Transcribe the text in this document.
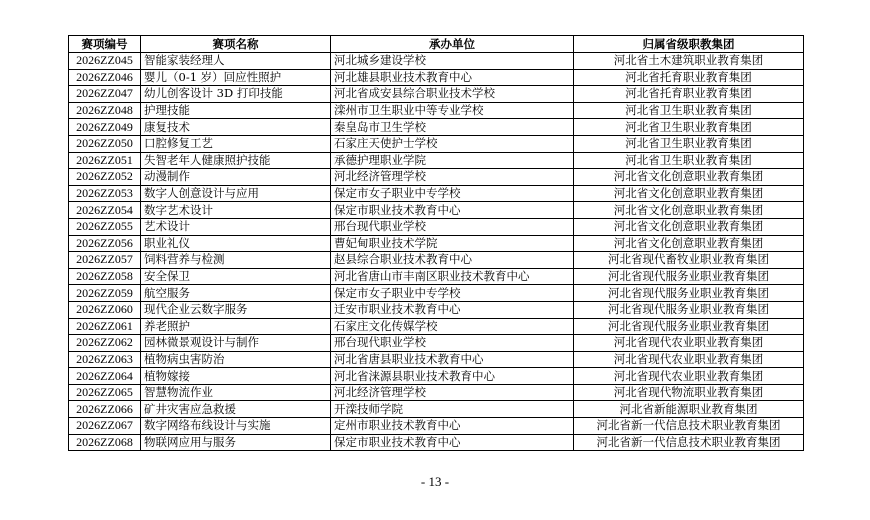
赛项编号	赛项名称	承办单位	归属省级职教集团
2026ZZ045	智能家装经理人	河北城乡建设学校	河北省土木建筑职业教育集团
2026ZZ046	婴儿（0-1 岁）回应性照护	河北雄县职业技术教育中心	河北省托育职业教育集团
2026ZZ047	幼儿创客设计 3D 打印技能	河北省成安县综合职业技术学校	河北省托育职业教育集团
2026ZZ048	护理技能	滦州市卫生职业中等专业学校	河北省卫生职业教育集团
2026ZZ049	康复技术	秦皇岛市卫生学校	河北省卫生职业教育集团
2026ZZ050	口腔修复工艺	石家庄天使护士学校	河北省卫生职业教育集团
2026ZZ051	失智老年人健康照护技能	承德护理职业学院	河北省卫生职业教育集团
2026ZZ052	动漫制作	河北经济管理学校	河北省文化创意职业教育集团
2026ZZ053	数字人创意设计与应用	保定市女子职业中专学校	河北省文化创意职业教育集团
2026ZZ054	数字艺术设计	保定市职业技术教育中心	河北省文化创意职业教育集团
2026ZZ055	艺术设计	邢台现代职业学校	河北省文化创意职业教育集团
2026ZZ056	职业礼仪	曹妃甸职业技术学院	河北省文化创意职业教育集团
2026ZZ057	饲料营养与检测	赵县综合职业技术教育中心	河北省现代畜牧业职业教育集团
2026ZZ058	安全保卫	河北省唐山市丰南区职业技术教育中心	河北省现代服务业职业教育集团
2026ZZ059	航空服务	保定市女子职业中专学校	河北省现代服务业职业教育集团
2026ZZ060	现代企业云数字服务	迁安市职业技术教育中心	河北省现代服务业职业教育集团
2026ZZ061	养老照护	石家庄文化传媒学校	河北省现代服务业职业教育集团
2026ZZ062	园林微景观设计与制作	邢台现代职业学校	河北省现代农业职业教育集团
2026ZZ063	植物病虫害防治	河北省唐县职业技术教育中心	河北省现代农业职业教育集团
2026ZZ064	植物嫁接	河北省涞源县职业技术教育中心	河北省现代农业职业教育集团
2026ZZ065	智慧物流作业	河北经济管理学校	河北省现代物流职业教育集团
2026ZZ066	矿井灾害应急救援	开滦技师学院	河北省新能源职业教育集团
2026ZZ067	数字网络布线设计与实施	定州市职业技术教育中心	河北省新一代信息技术职业教育集团
2026ZZ068	物联网应用与服务	保定市职业技术教育中心	河北省新一代信息技术职业教育集团
- 13 -
